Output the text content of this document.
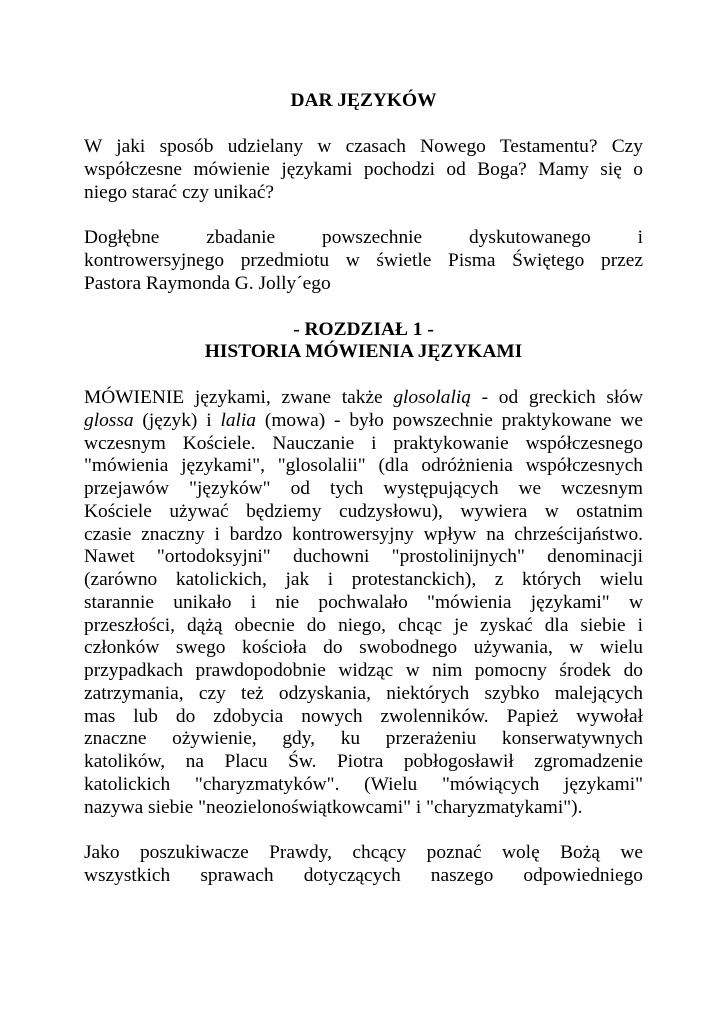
DAR JĘZYKÓW

W jaki sposób udzielany w czasach Nowego Testamentu? Czy
współczesne mówienie językami pochodzi od Boga? Mamy się o
niego starać czy unikać?

Dogłębne zbadanie powszechnie dyskutowanego i
kontrowersyjnego przedmiotu w świetle Pisma Świętego przez
Pastora Raymonda G. Jolly´ego

- ROZDZIAŁ 1 -
HISTORIA MÓWIENIA JĘZYKAMI

MÓWIENIE językami, zwane także glosolalią - od greckich słów
glossa (język) i lalia (mowa) - było powszechnie praktykowane we
wczesnym Kościele. Nauczanie i praktykowanie współczesnego
"mówienia językami", "glosolalii" (dla odróżnienia współczesnych
przejawów "języków" od tych występujących we wczesnym
Kościele używać będziemy cudzysłowu), wywiera w ostatnim
czasie znaczny i bardzo kontrowersyjny wpływ na chrześcijaństwo.
Nawet "ortodoksyjni" duchowni "prostolinijnych" denominacji
(zarówno katolickich, jak i protestanckich), z których wielu
starannie unikało i nie pochwalało "mówienia językami" w
przeszłości, dążą obecnie do niego, chcąc je zyskać dla siebie i
członków swego kościoła do swobodnego używania, w wielu
przypadkach prawdopodobnie widząc w nim pomocny środek do
zatrzymania, czy też odzyskania, niektórych szybko malejących
mas lub do zdobycia nowych zwolenników. Papież wywołał
znaczne ożywienie, gdy, ku przerażeniu konserwatywnych
katolików, na Placu Św. Piotra pobłogosławił zgromadzenie
katolickich "charyzmatyków". (Wielu "mówiących językami"
nazywa siebie "neozielonoświątkowcami" i "charyzmatykami").

Jako poszukiwacze Prawdy, chcący poznać wolę Bożą we
wszystkich sprawach dotyczących naszego odpowiedniego
